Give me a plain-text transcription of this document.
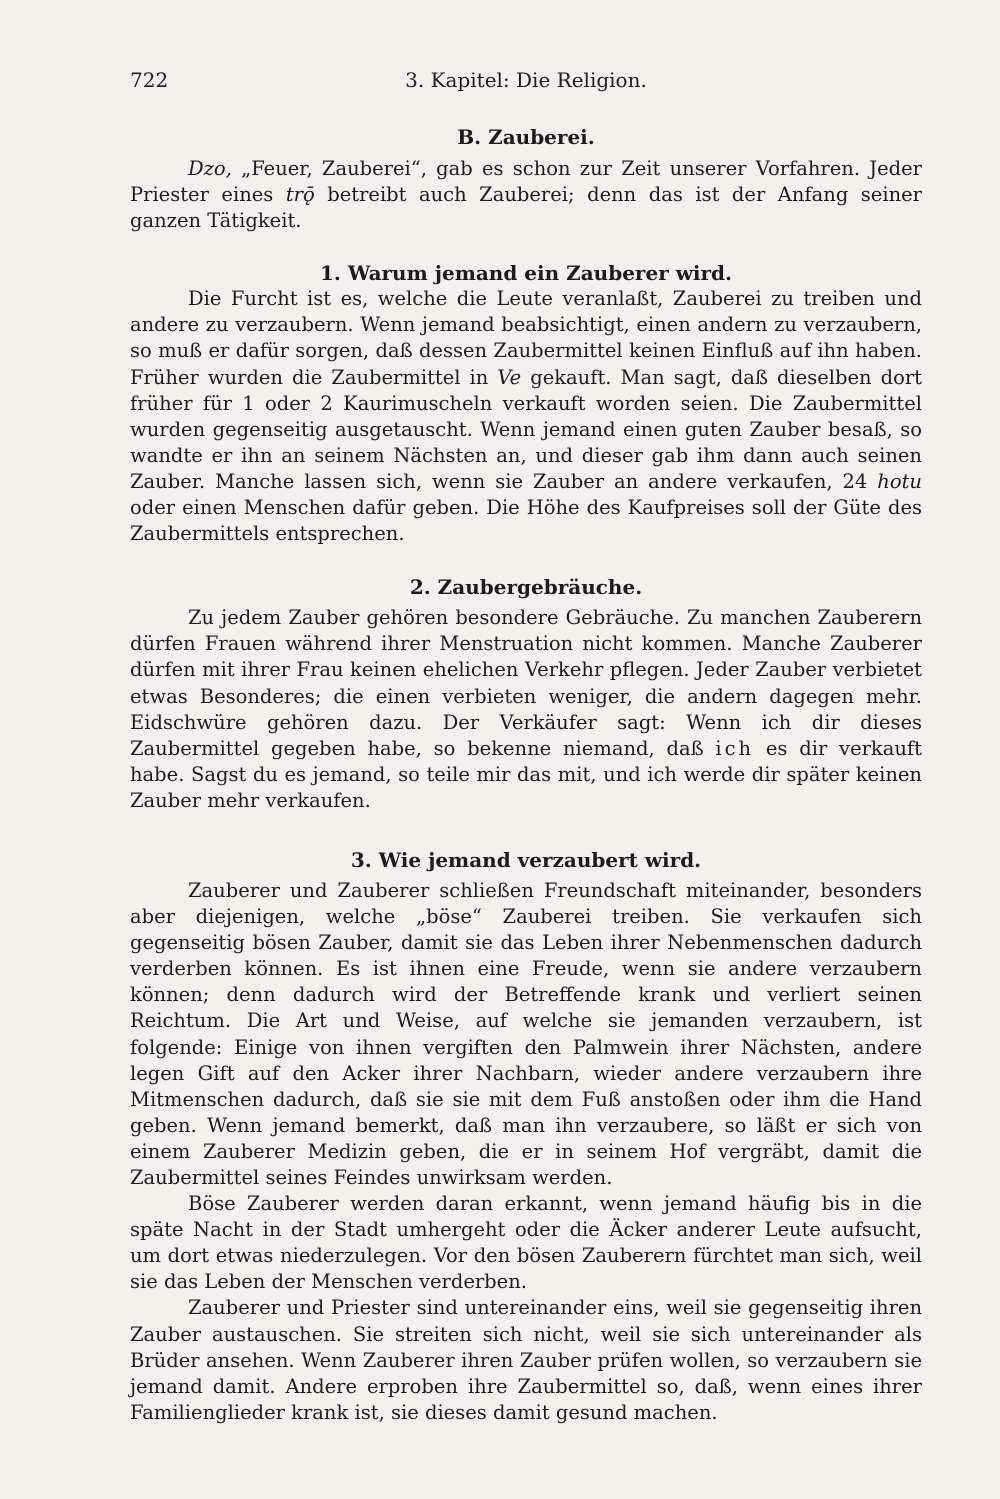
722	3. Kapitel: Die Religion.
B. Zauberei.

Dzo, „Feuer, Zauberei“, gab es schon zur Zeit unserer Vorfahren. Jeder Priester eines trǭ betreibt auch Zauberei; denn das ist der Anfang seiner ganzen Tätigkeit.

1. Warum jemand ein Zauberer wird.

Die Furcht ist es, welche die Leute veranlaßt, Zauberei zu treiben und andere zu verzaubern. Wenn jemand beabsichtigt, einen andern zu verzaubern, so muß er dafür sorgen, daß dessen Zaubermittel keinen Einfluß auf ihn haben. Früher wurden die Zaubermittel in Ve gekauft. Man sagt, daß dieselben dort früher für 1 oder 2 Kaurimuscheln verkauft worden seien. Die Zaubermittel wurden gegenseitig ausgetauscht. Wenn jemand einen guten Zauber besaß, so wandte er ihn an seinem Nächsten an, und dieser gab ihm dann auch seinen Zauber. Manche lassen sich, wenn sie Zauber an andere verkaufen, 24 hotu oder einen Menschen dafür geben. Die Höhe des Kaufpreises soll der Güte des Zaubermittels entsprechen.

2. Zaubergebräuche.

Zu jedem Zauber gehören besondere Gebräuche. Zu manchen Zauberern dürfen Frauen während ihrer Menstruation nicht kommen. Manche Zauberer dürfen mit ihrer Frau keinen ehelichen Verkehr pflegen. Jeder Zauber verbietet etwas Besonderes; die einen verbieten weniger, die andern dagegen mehr. Eidschwüre gehören dazu. Der Verkäufer sagt: Wenn ich dir dieses Zaubermittel gegeben habe, so bekenne niemand, daß ich es dir verkauft habe. Sagst du es jemand, so teile mir das mit, und ich werde dir später keinen Zauber mehr verkaufen.

3. Wie jemand verzaubert wird.

Zauberer und Zauberer schließen Freundschaft miteinander, besonders aber diejenigen, welche „böse“ Zauberei treiben. Sie verkaufen sich gegenseitig bösen Zauber, damit sie das Leben ihrer Nebenmenschen dadurch verderben können. Es ist ihnen eine Freude, wenn sie andere verzaubern können; denn dadurch wird der Betreffende krank und verliert seinen Reichtum. Die Art und Weise, auf welche sie jemanden verzaubern, ist folgende: Einige von ihnen vergiften den Palmwein ihrer Nächsten, andere legen Gift auf den Acker ihrer Nachbarn, wieder andere verzaubern ihre Mitmenschen dadurch, daß sie sie mit dem Fuß anstoßen oder ihm die Hand geben. Wenn jemand bemerkt, daß man ihn verzaubere, so läßt er sich von einem Zauberer Medizin geben, die er in seinem Hof vergräbt, damit die Zaubermittel seines Feindes unwirksam werden.

Böse Zauberer werden daran erkannt, wenn jemand häufig bis in die späte Nacht in der Stadt umhergeht oder die Äcker anderer Leute aufsucht, um dort etwas niederzulegen. Vor den bösen Zauberern fürchtet man sich, weil sie das Leben der Menschen verderben.

Zauberer und Priester sind untereinander eins, weil sie gegenseitig ihren Zauber austauschen. Sie streiten sich nicht, weil sie sich untereinander als Brüder ansehen. Wenn Zauberer ihren Zauber prüfen wollen, so verzaubern sie jemand damit. Andere erproben ihre Zaubermittel so, daß, wenn eines ihrer Familienglieder krank ist, sie dieses damit gesund machen.
